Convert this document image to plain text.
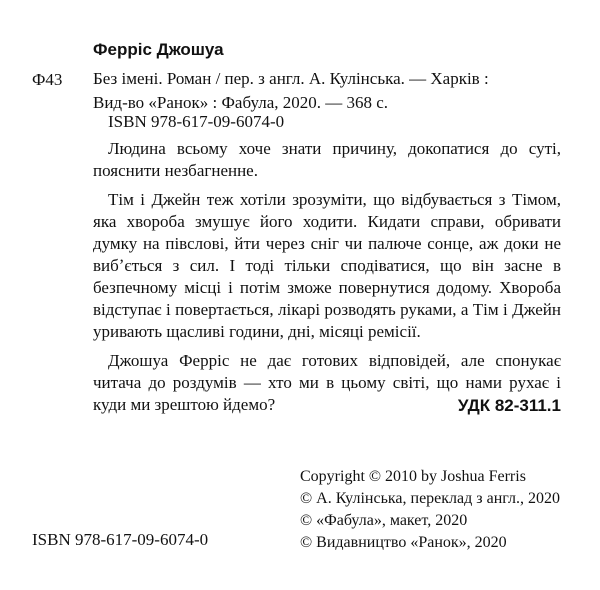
Ферріс Джошуа
Ф43 Без імені. Роман / пер. з англ. А. Кулінська. — Харків :
Вид-во «Ранок» : Фабула, 2020. — 368 с.
ISBN 978-617-09-6074-0

Людина всьому хоче знати причину, докопатися до суті, пояснити незбагненне.

Тім і Джейн теж хотіли зрозуміти, що відбувається з Тімом, яка хвороба змушує його ходити. Кидати справи, обривати думку на півслові, йти через сніг чи палюче сонце, аж доки не вибʼється з сил. І тоді тільки сподіватися, що він засне в безпечному місці і потім зможе повернутися додому. Хвороба відступає і повертається, лікарі розводять руками, а Тім і Джейн уривають щасливі години, дні, місяці ремісії.

Джошуа Ферріс не дає готових відповідей, але спонукає читача до роздумів — хто ми в цьому світі, що нами рухає і куди ми зрештою йдемо?	УДК 82-311.1
Copyright © 2010 by Joshua Ferris
© А. Кулінська, переклад з англ., 2020
© «Фабула», макет, 2020
© Видавництво «Ранок», 2020
ISBN 978-617-09-6074-0
